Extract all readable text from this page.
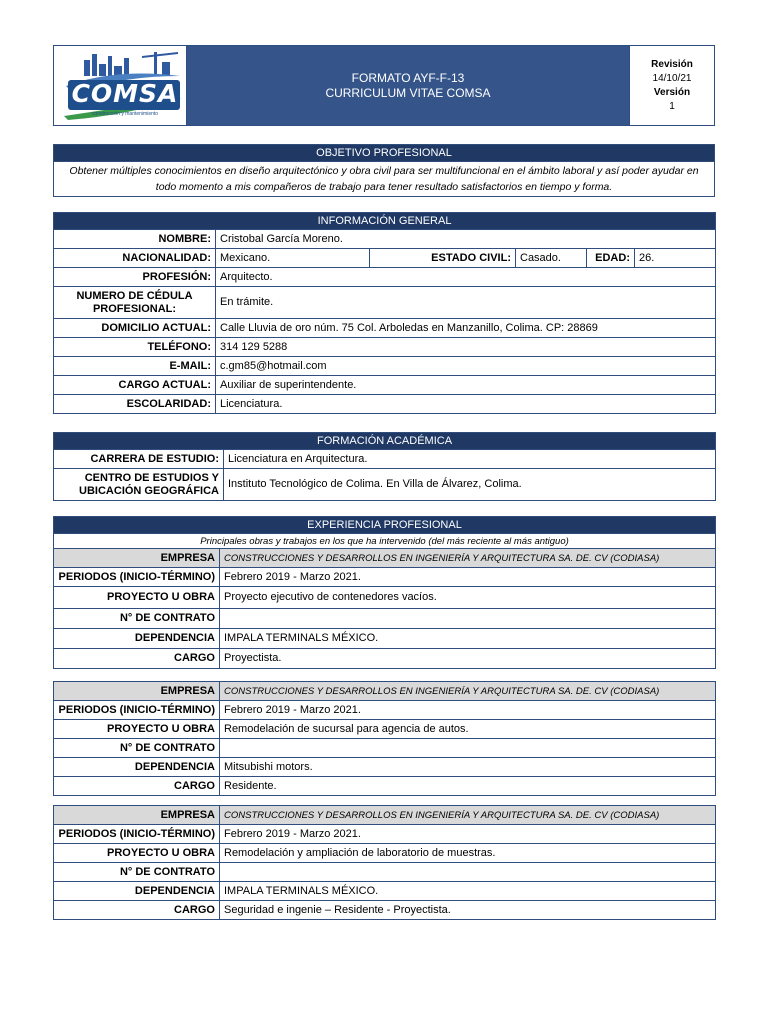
COMSA
construcción y mantenimiento
FORMATO AYF-F-13
CURRICULUM VITAE COMSA
Revisión
14/10/21
Versión
1
OBJETIVO PROFESIONAL
Obtener múltiples conocimientos en diseño arquitectónico y obra civil para ser multifuncional en el ámbito laboral y así poder ayudar en todo momento a mis compañeros de trabajo para tener resultado satisfactorios en tiempo y forma.
INFORMACIÓN GENERAL					
NOMBRE:	Cristobal García Moreno.				
NACIONALIDAD:	Mexicano.	ESTADO CIVIL:	Casado.	EDAD:	26.
PROFESIÓN:	Arquitecto.				
NUMERO DE CÉDULA PROFESIONAL:	En trámite.				
DOMICILIO ACTUAL:	Calle Lluvia de oro núm. 75 Col. Arboledas en Manzanillo, Colima. CP: 28869				
TELÉFONO:	314 129 5288				
E-MAIL:	c.gm85@hotmail.com				
CARGO ACTUAL:	Auxiliar de superintendente.				
ESCOLARIDAD:	Licenciatura.				
FORMACIÓN ACADÉMICA	
CARRERA DE ESTUDIO:	Licenciatura en Arquitectura.
CENTRO DE ESTUDIOS Y UBICACIÓN GEOGRÁFICA	Instituto Tecnológico de Colima. En Villa de Álvarez, Colima.
EXPERIENCIA PROFESIONAL	
Principales obras y trabajos en los que ha intervenido (del más reciente al más antiguo)	
EMPRESA	CONSTRUCCIONES Y DESARROLLOS EN INGENIERÍA Y ARQUITECTURA SA. DE. CV (CODIASA)
PERIODOS (INICIO-TÉRMINO)	Febrero 2019 - Marzo 2021.
PROYECTO U OBRA	Proyecto ejecutivo de contenedores vacíos.
N° DE CONTRATO	
DEPENDENCIA	IMPALA TERMINALS MÉXICO.
CARGO	Proyectista.
EMPRESA	CONSTRUCCIONES Y DESARROLLOS EN INGENIERÍA Y ARQUITECTURA SA. DE. CV (CODIASA)
PERIODOS (INICIO-TÉRMINO)	Febrero 2019 - Marzo 2021.
PROYECTO U OBRA	Remodelación de sucursal para agencia de autos.
N° DE CONTRATO	
DEPENDENCIA	Mitsubishi motors.
CARGO	Residente.
EMPRESA	CONSTRUCCIONES Y DESARROLLOS EN INGENIERÍA Y ARQUITECTURA SA. DE. CV (CODIASA)
PERIODOS (INICIO-TÉRMINO)	Febrero 2019 - Marzo 2021.
PROYECTO U OBRA	Remodelación y ampliación de laboratorio de muestras.
N° DE CONTRATO	
DEPENDENCIA	IMPALA TERMINALS MÉXICO.
CARGO	Seguridad e ingenie – Residente - Proyectista.
